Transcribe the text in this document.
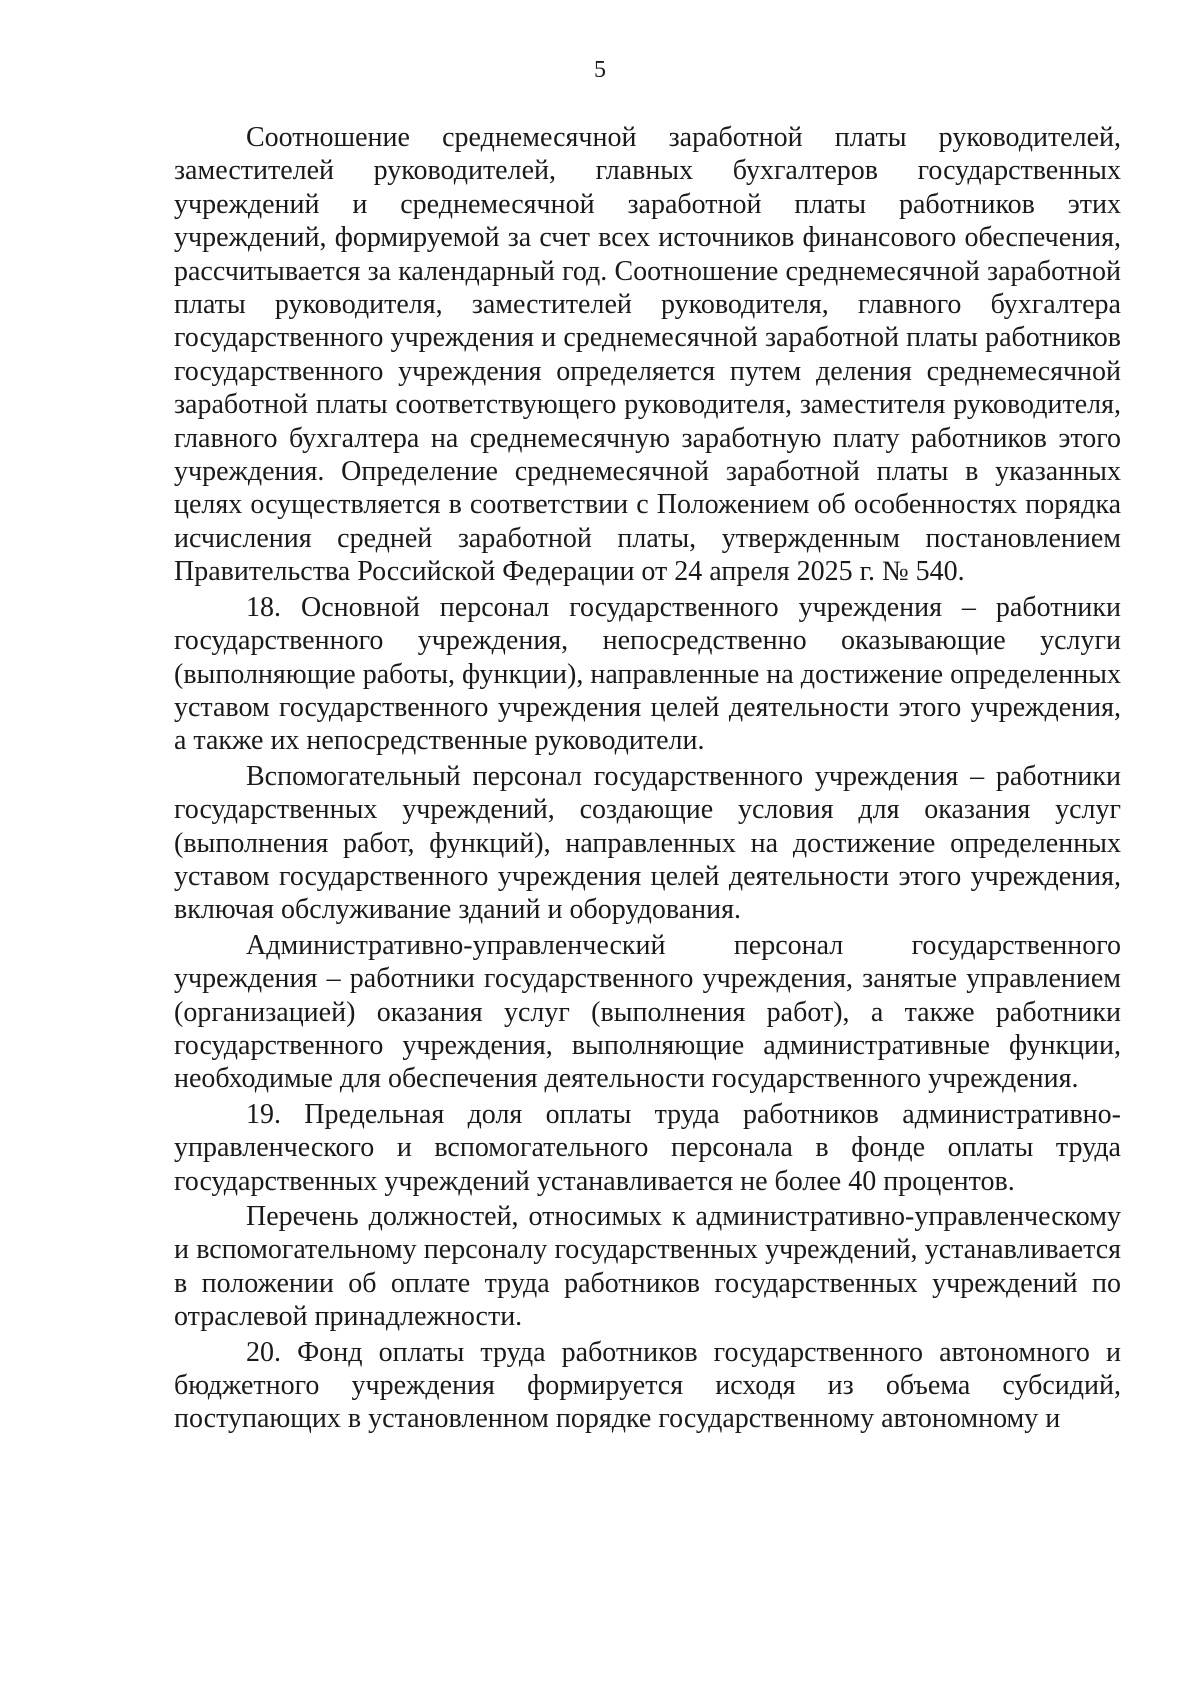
5

Соотношение среднемесячной заработной платы руководителей, заместителей руководителей, главных бухгалтеров государственных учреждений и среднемесячной заработной платы работников этих учреждений, формируемой за счет всех источников финансового обеспечения, рассчитывается за календарный год. Соотношение среднемесячной заработной платы руководителя, заместителей руководителя, главного бухгалтера государственного учреждения и среднемесячной заработной платы работников государственного учреждения определяется путем деления среднемесячной заработной платы соответствующего руководителя, заместителя руководителя, главного бухгалтера на среднемесячную заработную плату работников этого учреждения. Определение среднемесячной заработной платы в указанных целях осуществляется в соответствии с Положением об особенностях порядка исчисления средней заработной платы, утвержденным постановлением Правительства Российской Федерации от 24 апреля 2025 г. № 540.

18. Основной персонал государственного учреждения – работники государственного учреждения, непосредственно оказывающие услуги (выполняющие работы, функции), направленные на достижение определенных уставом государственного учреждения целей деятельности этого учреждения, а также их непосредственные руководители.

Вспомогательный персонал государственного учреждения – работники государственных учреждений, создающие условия для оказания услуг (выполнения работ, функций), направленных на достижение определенных уставом государственного учреждения целей деятельности этого учреждения, включая обслуживание зданий и оборудования.

Административно-управленческий персонал государственного учреждения – работники государственного учреждения, занятые управлением (организацией) оказания услуг (выполнения работ), а также работники государственного учреждения, выполняющие административные функции, необходимые для обеспечения деятельности государственного учреждения.

19. Предельная доля оплаты труда работников административно-управленческого и вспомогательного персонала в фонде оплаты труда государственных учреждений устанавливается не более 40 процентов.

Перечень должностей, относимых к административно-управленческому и вспомогательному персоналу государственных учреждений, устанавливается в положении об оплате труда работников государственных учреждений по отраслевой принадлежности.

20. Фонд оплаты труда работников государственного автономного и бюджетного учреждения формируется исходя из объема субсидий, поступающих в установленном порядке государственному автономному и
